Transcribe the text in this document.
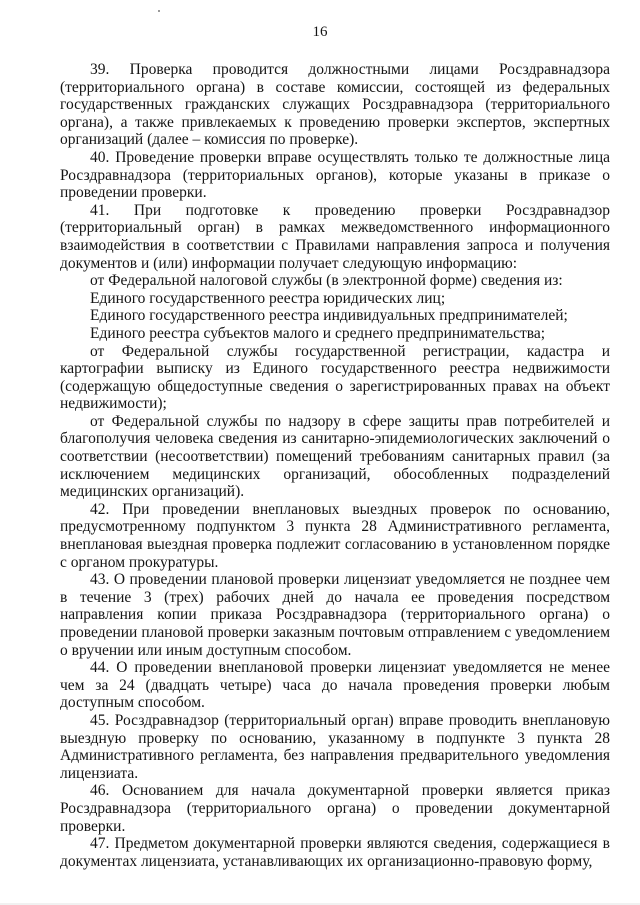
16

39. Проверка проводится должностными лицами Росздравнадзора (территориального органа) в составе комиссии, состоящей из федеральных государственных гражданских служащих Росздравнадзора (территориального органа), а также привлекаемых к проведению проверки экспертов, экспертных организаций (далее – комиссия по проверке).

40. Проведение проверки вправе осуществлять только те должностные лица Росздравнадзора (территориальных органов), которые указаны в приказе о проведении проверки.

41. При подготовке к проведению проверки Росздравнадзор (территориальный орган) в рамках межведомственного информационного взаимодействия в соответствии с Правилами направления запроса и получения документов и (или) информации получает следующую информацию:

от Федеральной налоговой службы (в электронной форме) сведения из:

Единого государственного реестра юридических лиц;

Единого государственного реестра индивидуальных предпринимателей;

Единого реестра субъектов малого и среднего предпринимательства;

от Федеральной службы государственной регистрации, кадастра и картографии выписку из Единого государственного реестра недвижимости (содержащую общедоступные сведения о зарегистрированных правах на объект недвижимости);

от Федеральной службы по надзору в сфере защиты прав потребителей и благополучия человека сведения из санитарно-эпидемиологических заключений о соответствии (несоответствии) помещений требованиям санитарных правил (за исключением медицинских организаций, обособленных подразделений медицинских организаций).

42. При проведении внеплановых выездных проверок по основанию, предусмотренному подпунктом 3 пункта 28 Административного регламента, внеплановая выездная проверка подлежит согласованию в установленном порядке с органом прокуратуры.

43. О проведении плановой проверки лицензиат уведомляется не позднее чем в течение 3 (трех) рабочих дней до начала ее проведения посредством направления копии приказа Росздравнадзора (территориального органа) о проведении плановой проверки заказным почтовым отправлением с уведомлением о вручении или иным доступным способом.

44. О проведении внеплановой проверки лицензиат уведомляется не менее чем за 24 (двадцать четыре) часа до начала проведения проверки любым доступным способом.

45. Росздравнадзор (территориальный орган) вправе проводить внеплановую выездную проверку по основанию, указанному в подпункте 3 пункта 28 Административного регламента, без направления предварительного уведомления лицензиата.

46. Основанием для начала документарной проверки является приказ Росздравнадзора (территориального органа) о проведении документарной проверки.

47. Предметом документарной проверки являются сведения, содержащиеся в документах лицензиата, устанавливающих их организационно-правовую форму,
